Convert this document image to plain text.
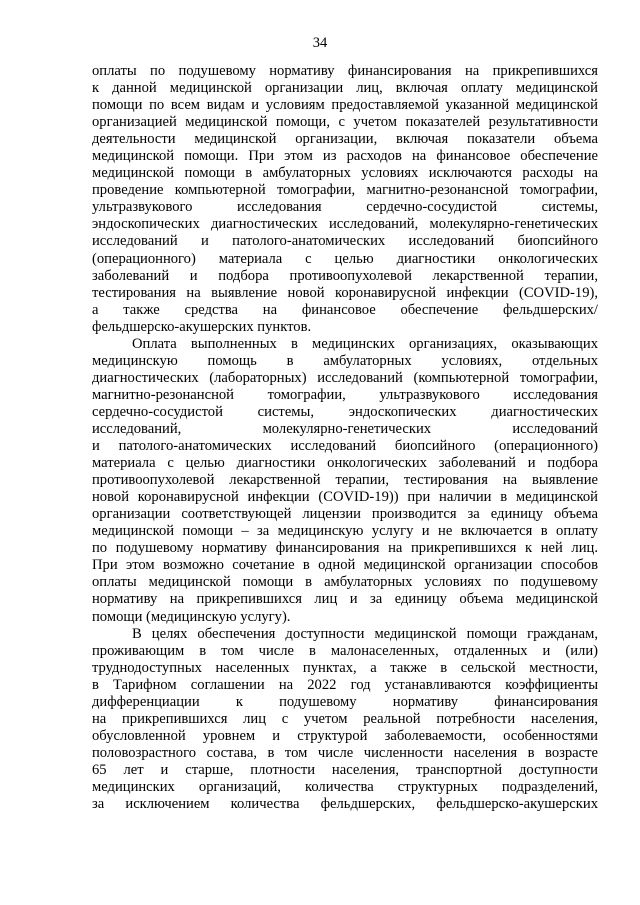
34
оплаты по подушевому нормативу финансирования на прикрепившихся
к данной медицинской организации лиц, включая оплату медицинской
помощи по всем видам и условиям предоставляемой указанной медицинской
организацией медицинской помощи, с учетом показателей результативности
деятельности медицинской организации, включая показатели объема
медицинской помощи. При этом из расходов на финансовое обеспечение
медицинской помощи в амбулаторных условиях исключаются расходы на
проведение компьютерной томографии, магнитно-резонансной томографии,
ультразвукового исследования сердечно-сосудистой системы,
эндоскопических диагностических исследований, молекулярно-генетических
исследований и патолого-анатомических исследований биопсийного
(операционного) материала с целью диагностики онкологических
заболеваний и подбора противоопухолевой лекарственной терапии,
тестирования на выявление новой коронавирусной инфекции (COVID-19),
а также средства на финансовое обеспечение фельдшерских/
фельдшерско-акушерских пунктов.
Оплата выполненных в медицинских организациях, оказывающих
медицинскую помощь в амбулаторных условиях, отдельных
диагностических (лабораторных) исследований (компьютерной томографии,
магнитно-резонансной томографии, ультразвукового исследования
сердечно-сосудистой системы, эндоскопических диагностических
исследований, молекулярно-генетических исследований
и патолого-анатомических исследований биопсийного (операционного)
материала с целью диагностики онкологических заболеваний и подбора
противоопухолевой лекарственной терапии, тестирования на выявление
новой коронавирусной инфекции (COVID-19)) при наличии в медицинской
организации соответствующей лицензии производится за единицу объема
медицинской помощи – за медицинскую услугу и не включается в оплату
по подушевому нормативу финансирования на прикрепившихся к ней лиц.
При этом возможно сочетание в одной медицинской организации способов
оплаты медицинской помощи в амбулаторных условиях по подушевому
нормативу на прикрепившихся лиц и за единицу объема медицинской
помощи (медицинскую услугу).
В целях обеспечения доступности медицинской помощи гражданам,
проживающим в том числе в малонаселенных, отдаленных и (или)
труднодоступных населенных пунктах, а также в сельской местности,
в Тарифном соглашении на 2022 год устанавливаются коэффициенты
дифференциации к подушевому нормативу финансирования
на прикрепившихся лиц с учетом реальной потребности населения,
обусловленной уровнем и структурой заболеваемости, особенностями
половозрастного состава, в том числе численности населения в возрасте
65 лет и старше, плотности населения, транспортной доступности
медицинских организаций, количества структурных подразделений,
за исключением количества фельдшерских, фельдшерско-акушерских
